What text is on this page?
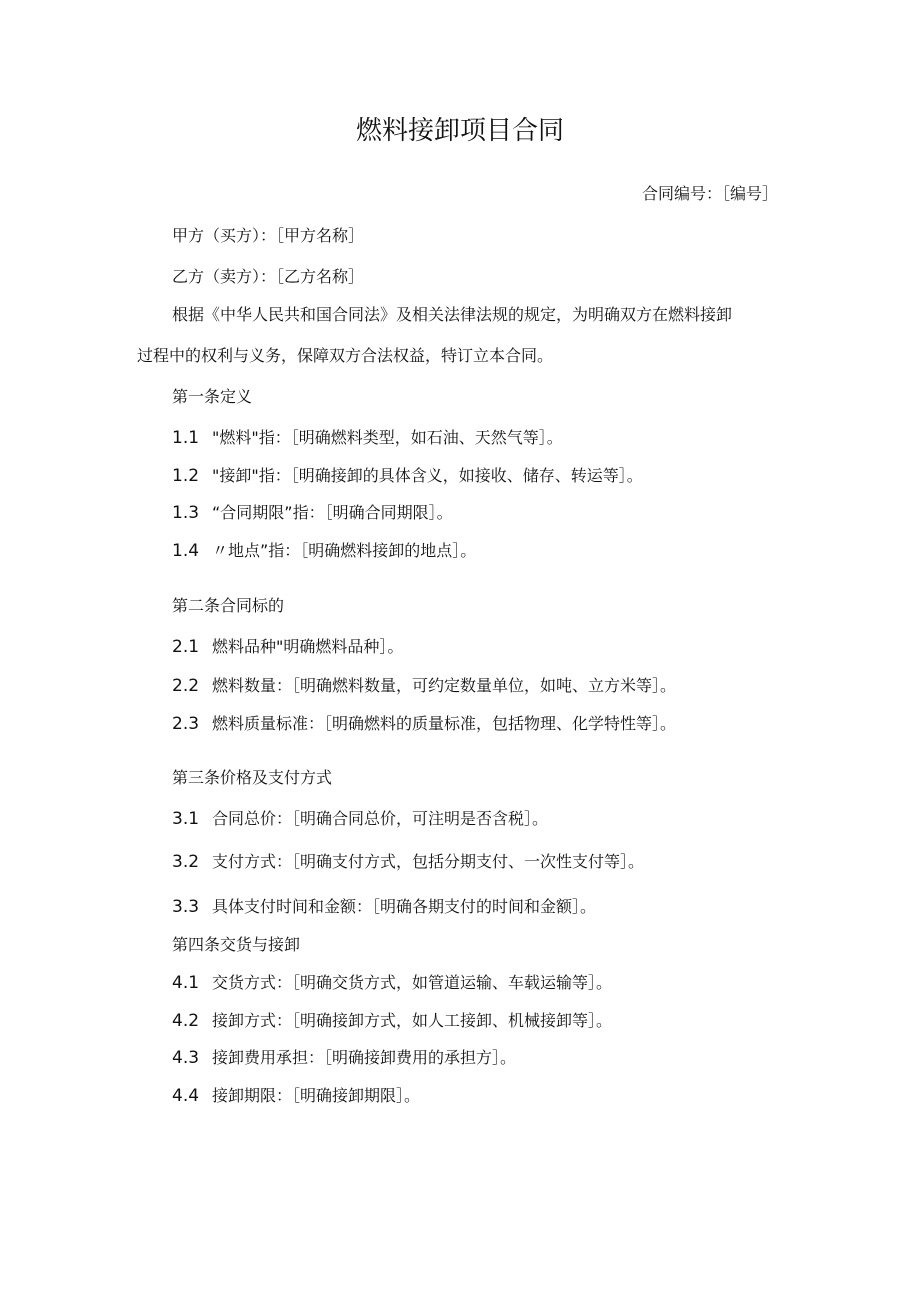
燃料接卸项目合同
合同编号：［编号］
甲方（买方）：［甲方名称］
乙方（卖方）：［乙方名称］
根据《中华人民共和国合同法》及相关法律法规的规定，为明确双方在燃料接卸
过程中的权利与义务，保障双方合法权益，特订立本合同。
第一条定义
1.1 "燃料"指：［明确燃料类型，如石油、天然气等］。
1.2 "接卸"指：［明确接卸的具体含义，如接收、储存、转运等］。
1.3 “合同期限”指：［明确合同期限］。
1.4 〃地点”指：［明确燃料接卸的地点］。
第二条合同标的
2.1 燃料品种"明确燃料品种］。
2.2 燃料数量：［明确燃料数量，可约定数量单位，如吨、立方米等］。
2.3 燃料质量标准：［明确燃料的质量标准，包括物理、化学特性等］。
第三条价格及支付方式
3.1 合同总价：［明确合同总价，可注明是否含税］。
3.2 支付方式：［明确支付方式，包括分期支付、一次性支付等］。
3.3 具体支付时间和金额：［明确各期支付的时间和金额］。
第四条交货与接卸
4.1 交货方式：［明确交货方式，如管道运输、车载运输等］。
4.2 接卸方式：［明确接卸方式，如人工接卸、机械接卸等］。
4.3 接卸费用承担：［明确接卸费用的承担方］。
4.4 接卸期限：［明确接卸期限］。
